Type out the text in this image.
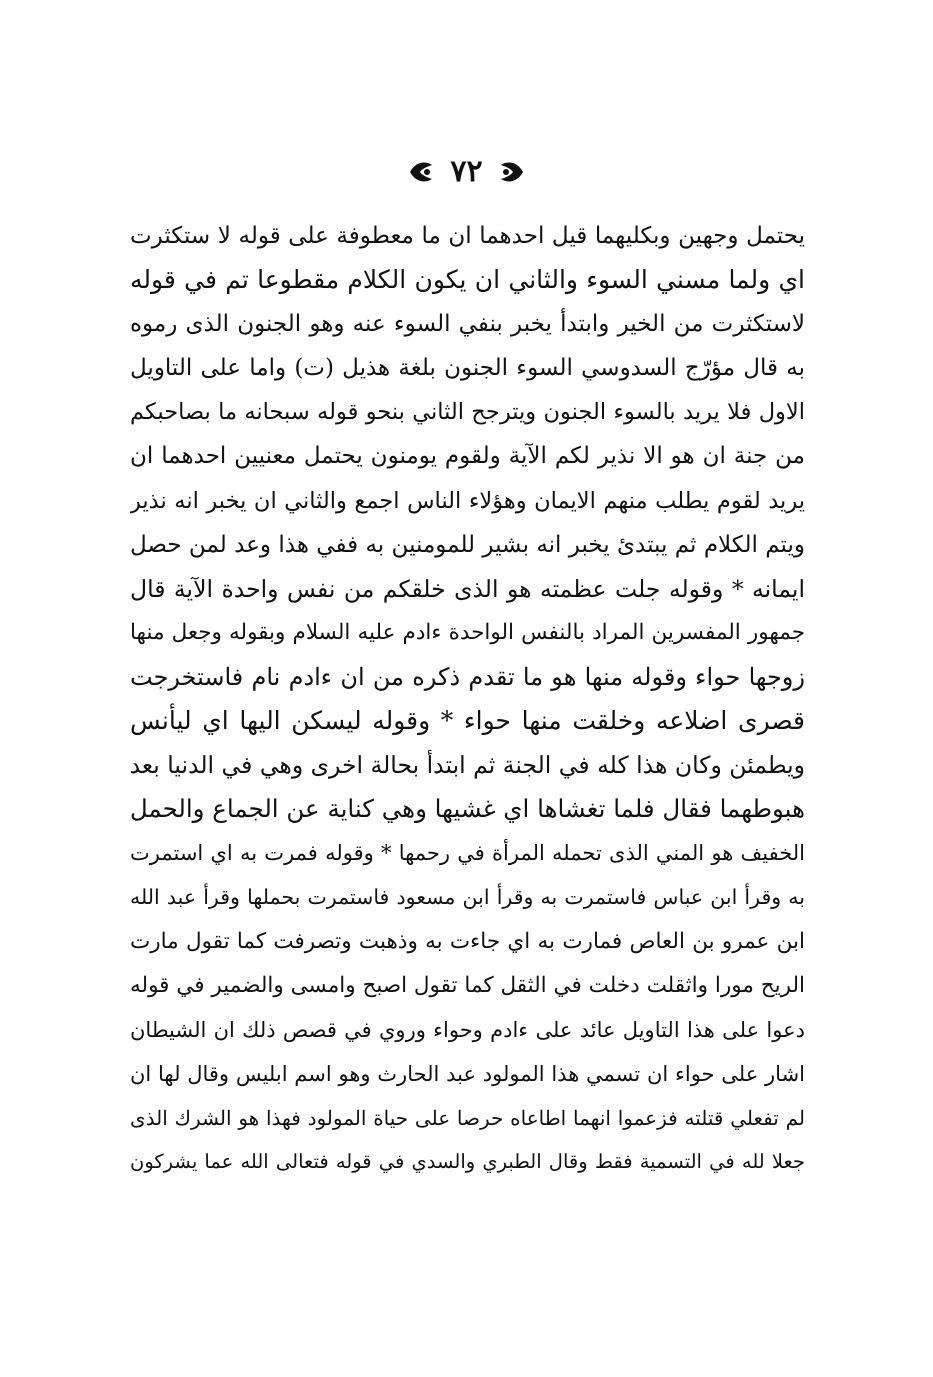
٧٢
يحتمل وجهين وبكليهما قيل احدهما ان ما معطوفة على قوله لا ستكثرت
اي ولما مسني السوء والثاني ان يكون الكلام مقطوعا تم في قوله
لاستكثرت من الخير وابتدأ يخبر بنفي السوء عنه وهو الجنون الذى رموه
به قال مؤرّج السدوسي السوء الجنون بلغة هذيل (ت) واما على التاويل
الاول فلا يريد بالسوء الجنون ويترجح الثاني بنحو قوله سبحانه ما بصاحبكم
من جنة ان هو الا نذير لكم الآية ولقوم يومنون يحتمل معنيين احدهما ان
يريد لقوم يطلب منهم الايمان وهؤلاء الناس اجمع والثاني ان يخبر انه نذير
ويتم الكلام ثم يبتدئ يخبر انه بشير للمومنين به ففي هذا وعد لمن حصل
ايمانه * وقوله جلت عظمته هو الذى خلقكم من نفس واحدة الآية قال
جمهور المفسرين المراد بالنفس الواحدة ءادم عليه السلام وبقوله وجعل منها
زوجها حواء وقوله منها هو ما تقدم ذكره من ان ءادم نام فاستخرجت
قصرى اضلاعه وخلقت منها حواء * وقوله ليسكن اليها اي ليأنس
ويطمئن وكان هذا كله في الجنة ثم ابتدأ بحالة اخرى وهي في الدنيا بعد
هبوطهما فقال فلما تغشاها اي غشيها وهي كناية عن الجماع والحمل
الخفيف هو المني الذى تحمله المرأة في رحمها * وقوله فمرت به اي استمرت
به وقرأ ابن عباس فاستمرت به وقرأ ابن مسعود فاستمرت بحملها وقرأ عبد الله
ابن عمرو بن العاص فمارت به اي جاءت به وذهبت وتصرفت كما تقول مارت
الريح مورا واثقلت دخلت في الثقل كما تقول اصبح وامسى والضمير في قوله
دعوا على هذا التاويل عائد على ءادم وحواء وروي في قصص ذلك ان الشيطان
اشار على حواء ان تسمي هذا المولود عبد الحارث وهو اسم ابليس وقال لها ان
لم تفعلي قتلته فزعموا انهما اطاعاه حرصا على حياة المولود فهذا هو الشرك الذى
جعلا لله في التسمية فقط وقال الطبري والسدي في قوله فتعالى الله عما يشركون
